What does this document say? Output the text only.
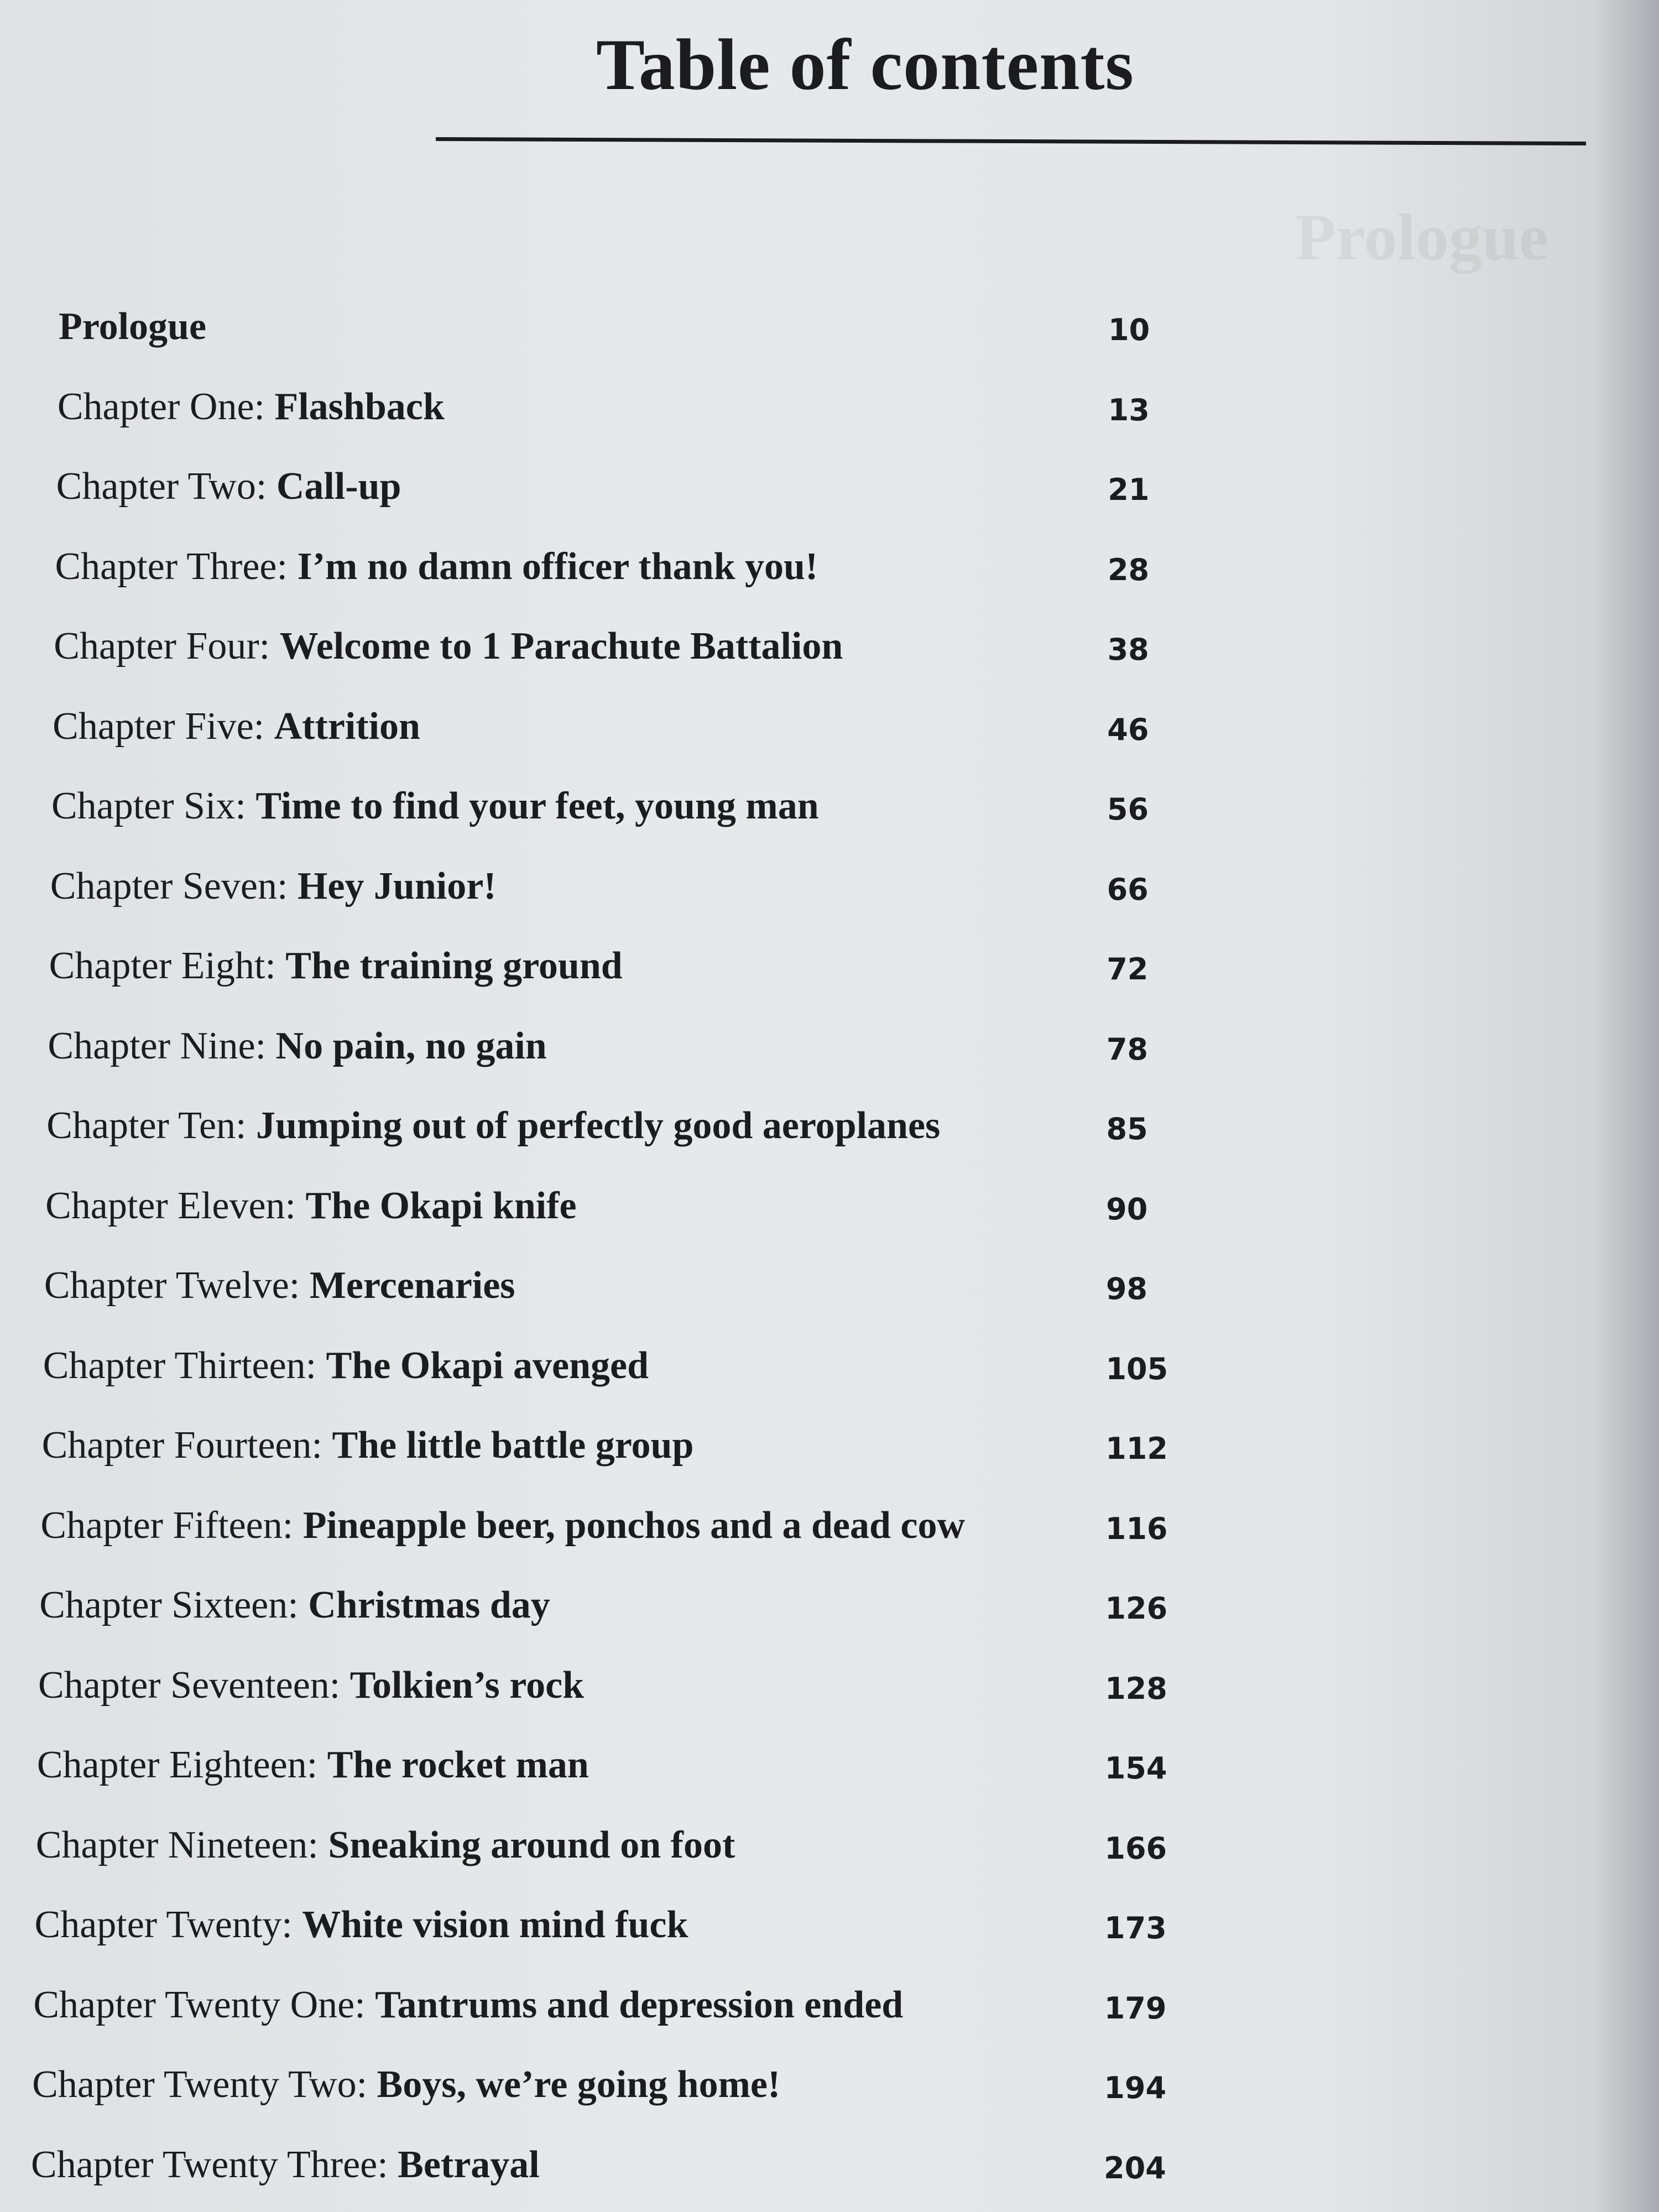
Prologue
Table of contents
Prologue	10
Chapter One: Flashback	13
Chapter Two: Call-up	21
Chapter Three: I’m no damn officer thank you!	28
Chapter Four: Welcome to 1 Parachute Battalion	38
Chapter Five: Attrition	46
Chapter Six: Time to find your feet, young man	56
Chapter Seven: Hey Junior!	66
Chapter Eight: The training ground	72
Chapter Nine: No pain, no gain	78
Chapter Ten: Jumping out of perfectly good aeroplanes	85
Chapter Eleven: The Okapi knife	90
Chapter Twelve: Mercenaries	98
Chapter Thirteen: The Okapi avenged	105
Chapter Fourteen: The little battle group	112
Chapter Fifteen: Pineapple beer, ponchos and a dead cow	116
Chapter Sixteen: Christmas day	126
Chapter Seventeen: Tolkien’s rock	128
Chapter Eighteen: The rocket man	154
Chapter Nineteen: Sneaking around on foot	166
Chapter Twenty: White vision mind fuck	173
Chapter Twenty One: Tantrums and depression ended	179
Chapter Twenty Two: Boys, we’re going home!	194
Chapter Twenty Three: Betrayal	204
